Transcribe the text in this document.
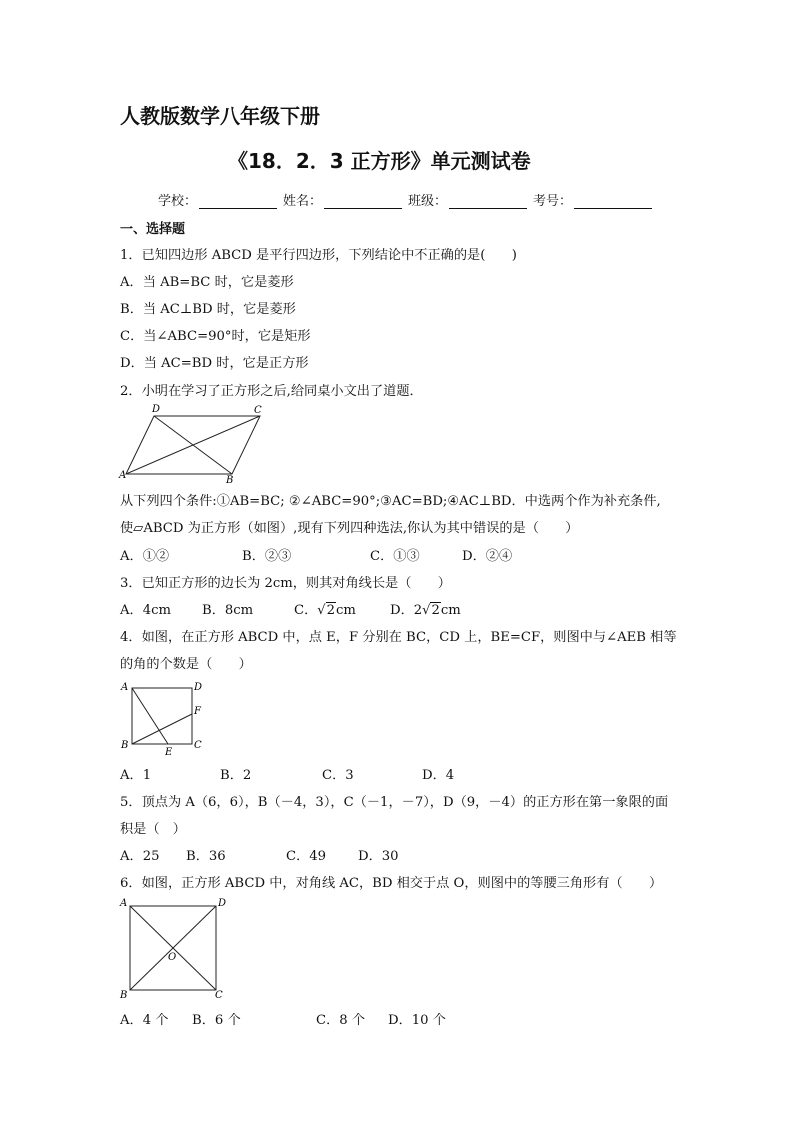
人教版数学八年级下册
《18．2．3 正方形》单元测试卷
学校：	姓名：	班级：	考号：
一、选择题
1．已知四边形 ABCD 是平行四边形，下列结论中不正确的是(　　)
A．当 AB=BC 时，它是菱形
B．当 AC⊥BD 时，它是菱形
C．当∠ABC=90°时，它是矩形
D．当 AC=BD 时，它是正方形
2．小明在学习了正方形之后,给同桌小文出了道题．
D	C
A	B
从下列四个条件:①AB=BC; ②∠ABC=90°;③AC=BD;④AC⊥BD．中选两个作为补充条件,
使▱ABCD 为正方形（如图）,现有下列四种选法,你认为其中错误的是（　　）
A．①②	B．②③	C．①③	D．②④
3．已知正方形的边长为 2cm，则其对角线长是（　　）
A．4cm	B．8cm	C．√2cm	D．2√2cm
4．如图，在正方形 ABCD 中，点 E，F 分别在 BC，CD 上，BE=CF，则图中与∠AEB 相等
的角的个数是（　　）
A	D
F
B
E
C
A．1	B．2	C．3	D．4
5．顶点为 A（6，6），B（－4，3），C（－1，－7），D（9，－4）的正方形在第一象限的面
积是（　）
A．25	B．36	C．49	D．30
6．如图，正方形 ABCD 中，对角线 AC，BD 相交于点 O，则图中的等腰三角形有（　　）
A	D
O
B	C
A．4 个	B．6 个	C．8 个	D．10 个
